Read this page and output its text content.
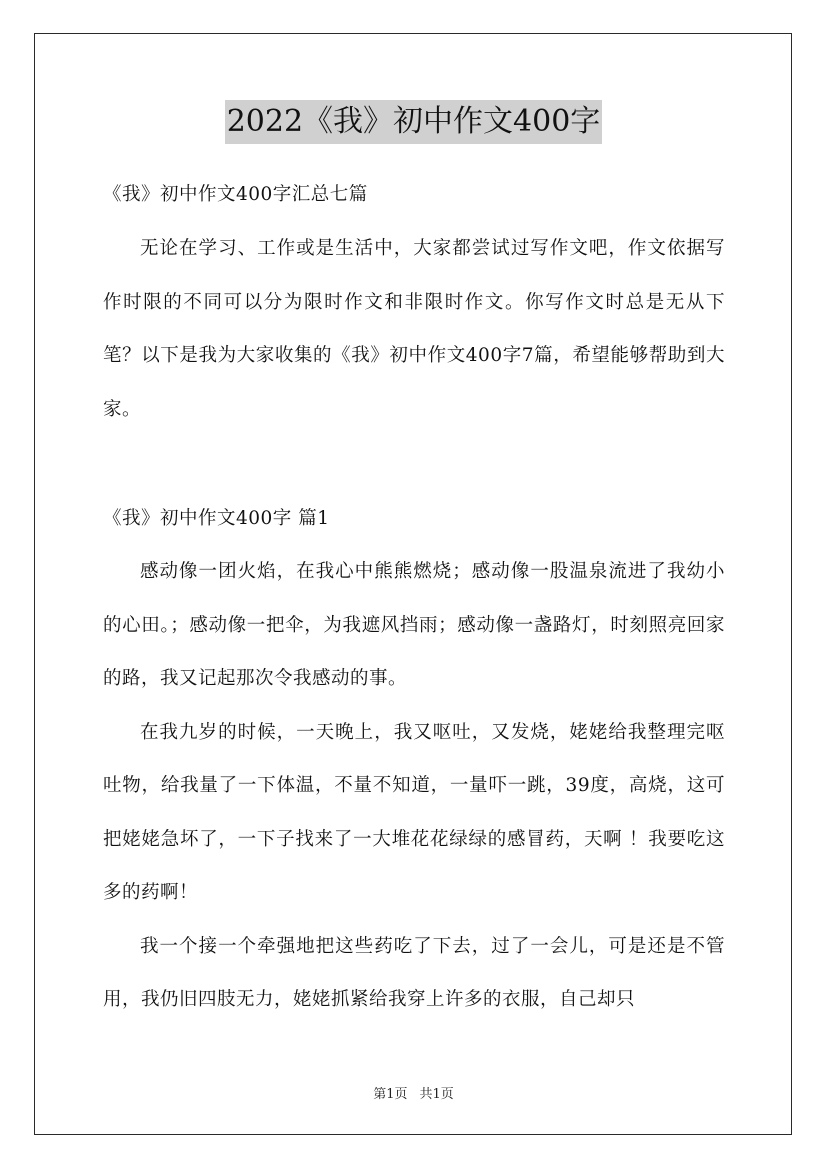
2022《我》初中作文400字

《我》初中作文400字汇总七篇

无论在学习、工作或是生活中，大家都尝试过写作文吧，作文依据写作时限的不同可以分为限时作文和非限时作文。你写作文时总是无从下笔？以下是我为大家收集的《我》初中作文400字7篇，希望能够帮助到大家。

《我》初中作文400字 篇1

感动像一团火焰，在我心中熊熊燃烧；感动像一股温泉流进了我幼小的心田。；感动像一把伞，为我遮风挡雨；感动像一盏路灯，时刻照亮回家的路，我又记起那次令我感动的事。

在我九岁的时候，一天晚上，我又呕吐，又发烧，姥姥给我整理完呕吐物，给我量了一下体温，不量不知道，一量吓一跳，39度，高烧，这可把姥姥急坏了，一下子找来了一大堆花花绿绿的感冒药，天啊 ！我要吃这多的药啊！

我一个接一个牵强地把这些药吃了下去，过了一会儿，可是还是不管用，我仍旧四肢无力，姥姥抓紧给我穿上许多的衣服，自己却只

第1页 共1页
